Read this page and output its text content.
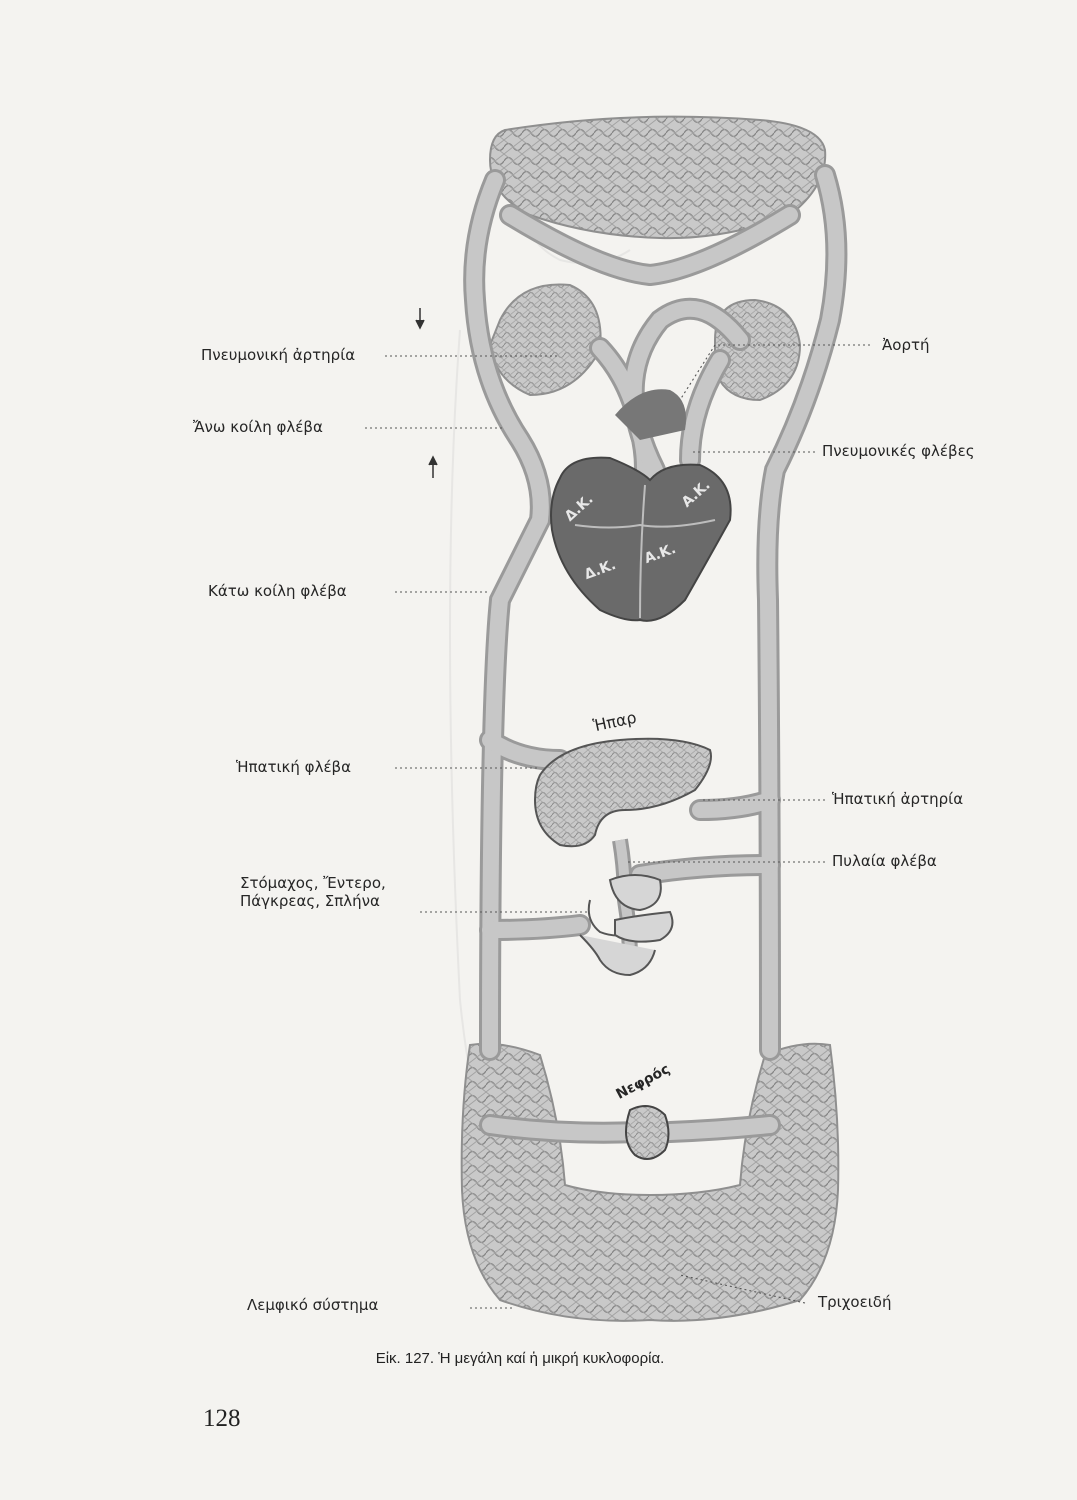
Δ.Κ.	Α.Κ.
Δ.Κ.
Α.Κ.
Ἡπαρ
Νεφρός
Πνευμονική ἀρτηρία
Ἄνω κοίλη φλέβα
Κάτω κοίλη φλέβα
Ἡπατική φλέβα
Στόμαχος, Ἔντερο,
Πάγκρεας, Σπλήνα
Λεμφικό σύστημα
Ἀορτή
Πνευμονικές φλέβες
Ἡπατική ἀρτηρία
Πυλαία φλέβα
Τριχοειδή
Εἰκ. 127. Ἡ μεγάλη καί ἡ μικρή κυκλοφορία.
128
